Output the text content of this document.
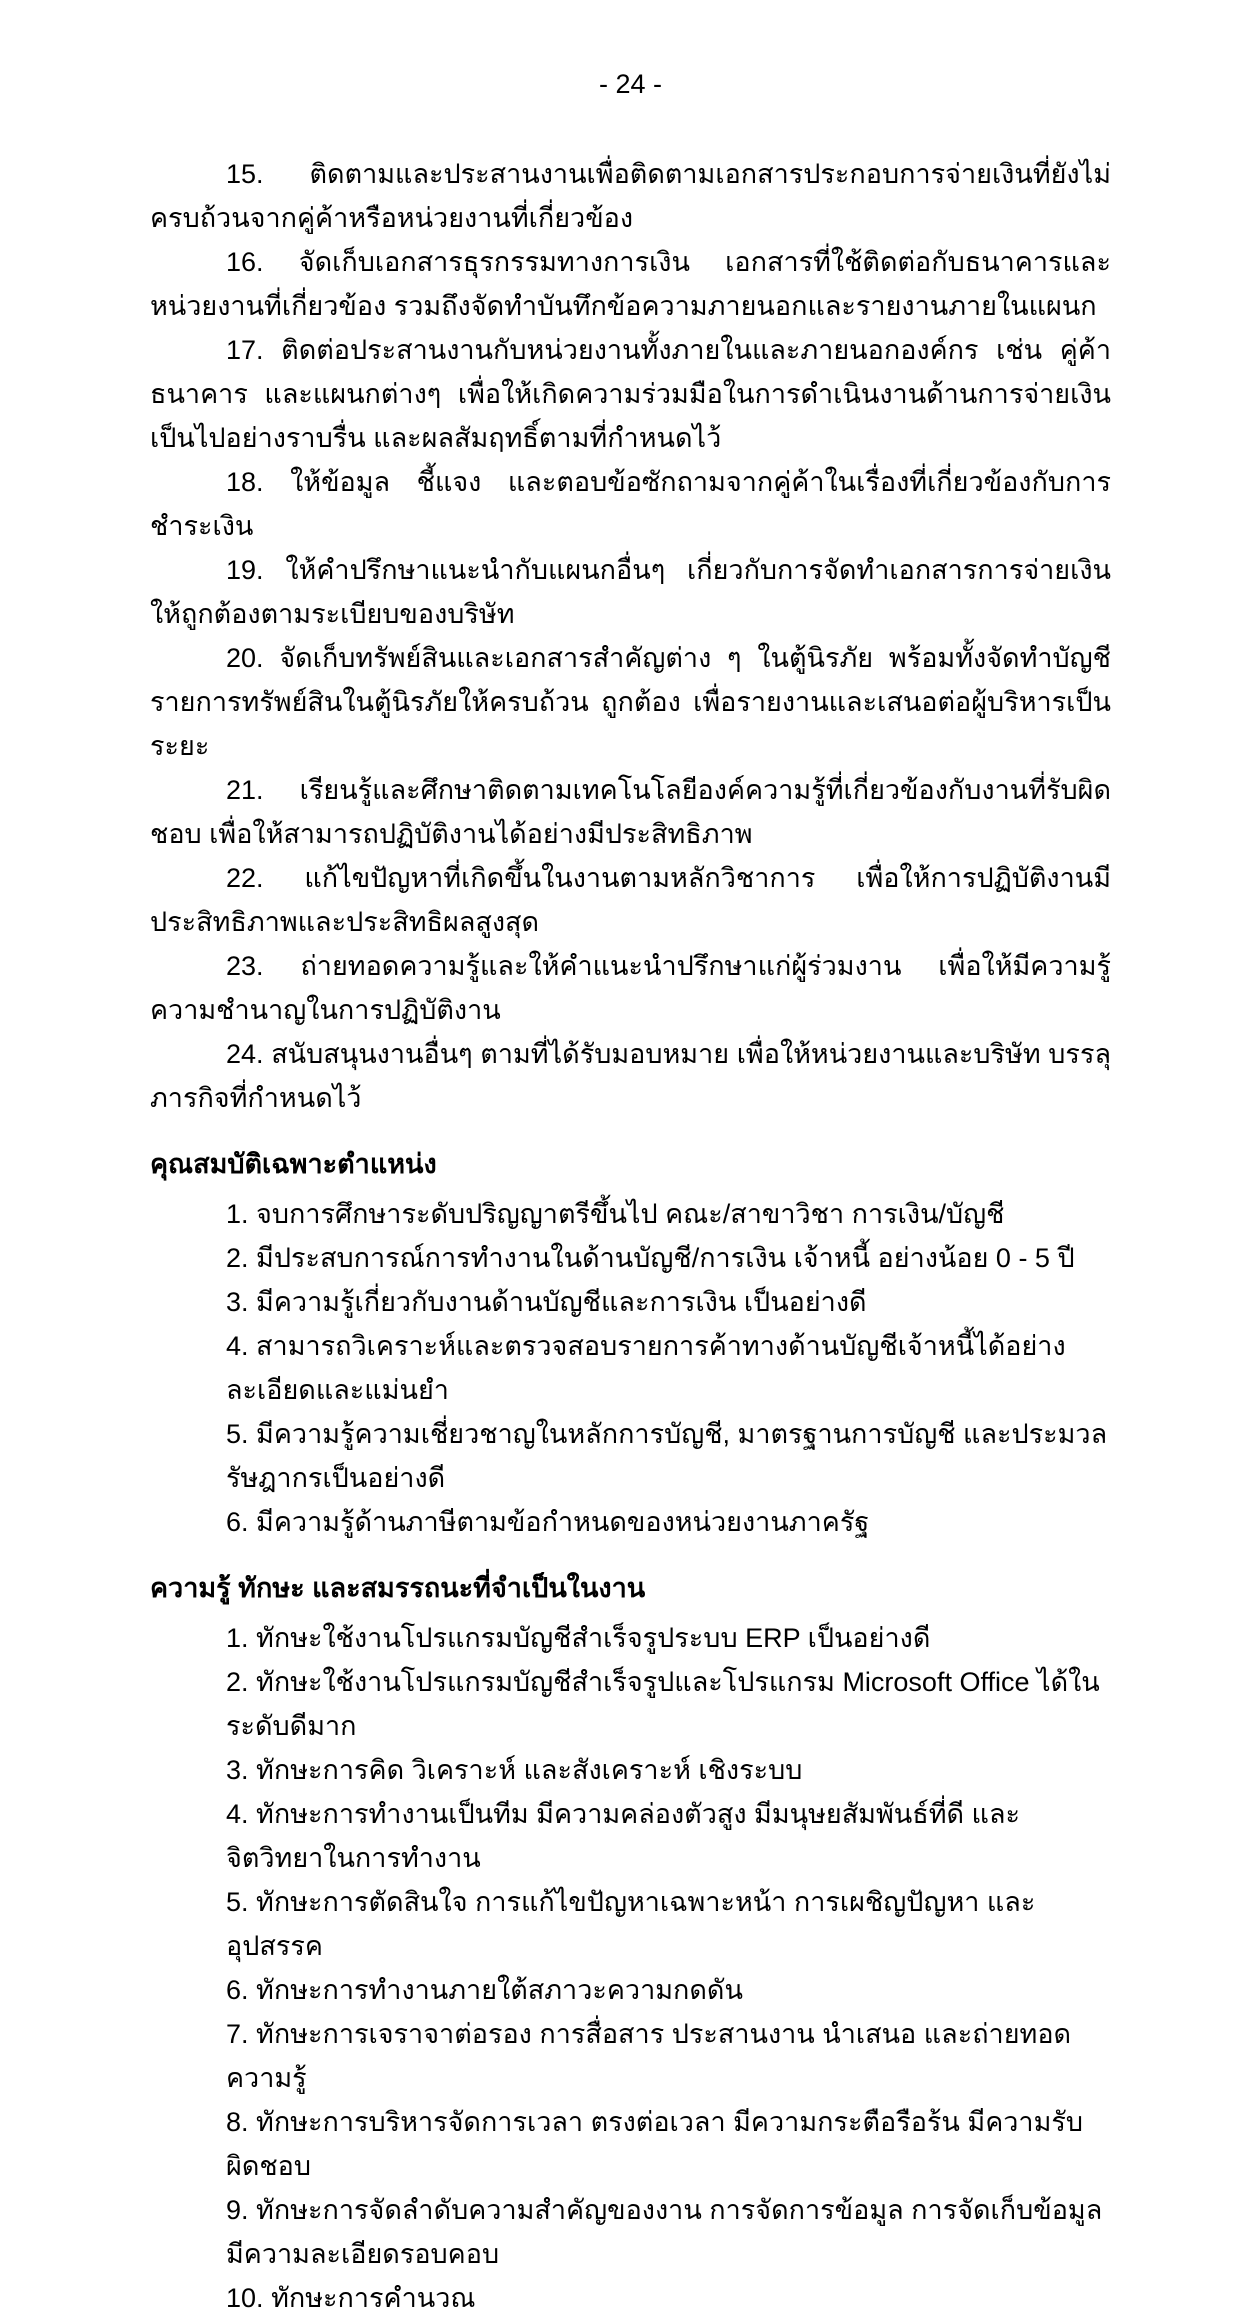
- 24 -

15. ติดตามและประสานงานเพื่อติดตามเอกสารประกอบการจ่ายเงินที่ยังไม่ครบถ้วนจากคู่ค้าหรือหน่วยงานที่เกี่ยวข้อง

16. จัดเก็บเอกสารธุรกรรมทางการเงิน เอกสารที่ใช้ติดต่อกับธนาคารและหน่วยงานที่เกี่ยวข้อง รวมถึงจัดทำบันทึกข้อความภายนอกและรายงานภายในแผนก

17. ติดต่อประสานงานกับหน่วยงานทั้งภายในและภายนอกองค์กร เช่น คู่ค้า ธนาคาร และแผนกต่างๆ เพื่อให้เกิดความร่วมมือในการดำเนินงานด้านการจ่ายเงินเป็นไปอย่างราบรื่น และผลสัมฤทธิ์ตามที่กำหนดไว้

18. ให้ข้อมูล ชี้แจง และตอบข้อซักถามจากคู่ค้าในเรื่องที่เกี่ยวข้องกับการชำระเงิน

19. ให้คำปรึกษาแนะนำกับแผนกอื่นๆ เกี่ยวกับการจัดทำเอกสารการจ่ายเงินให้ถูกต้องตามระเบียบของบริษัท

20. จัดเก็บทรัพย์สินและเอกสารสำคัญต่าง ๆ ในตู้นิรภัย พร้อมทั้งจัดทำบัญชีรายการทรัพย์สินในตู้นิรภัยให้ครบถ้วน ถูกต้อง เพื่อรายงานและเสนอต่อผู้บริหารเป็นระยะ

21. เรียนรู้และศึกษาติดตามเทคโนโลยีองค์ความรู้ที่เกี่ยวข้องกับงานที่รับผิดชอบ เพื่อให้สามารถปฏิบัติงานได้อย่างมีประสิทธิภาพ

22. แก้ไขปัญหาที่เกิดขึ้นในงานตามหลักวิชาการ เพื่อให้การปฏิบัติงานมีประสิทธิภาพและประสิทธิผลสูงสุด

23. ถ่ายทอดความรู้และให้คำแนะนำปรึกษาแก่ผู้ร่วมงาน เพื่อให้มีความรู้ความชำนาญในการปฏิบัติงาน

24. สนับสนุนงานอื่นๆ ตามที่ได้รับมอบหมาย เพื่อให้หน่วยงานและบริษัท บรรลุภารกิจที่กำหนดไว้

คุณสมบัติเฉพาะตำแหน่ง

1. จบการศึกษาระดับปริญญาตรีขึ้นไป คณะ/สาขาวิชา การเงิน/บัญชี

2. มีประสบการณ์การทำงานในด้านบัญชี/การเงิน เจ้าหนี้ อย่างน้อย 0 - 5 ปี

3. มีความรู้เกี่ยวกับงานด้านบัญชีและการเงิน เป็นอย่างดี

4. สามารถวิเคราะห์และตรวจสอบรายการค้าทางด้านบัญชีเจ้าหนี้ได้อย่างละเอียดและแม่นยำ

5. มีความรู้ความเชี่ยวชาญในหลักการบัญชี, มาตรฐานการบัญชี และประมวลรัษฎากรเป็นอย่างดี

6. มีความรู้ด้านภาษีตามข้อกำหนดของหน่วยงานภาครัฐ

ความรู้ ทักษะ และสมรรถนะที่จำเป็นในงาน

1. ทักษะใช้งานโปรแกรมบัญชีสำเร็จรูประบบ ERP เป็นอย่างดี

2. ทักษะใช้งานโปรแกรมบัญชีสำเร็จรูปและโปรแกรม Microsoft Office ได้ในระดับดีมาก

3. ทักษะการคิด วิเคราะห์ และสังเคราะห์ เชิงระบบ

4. ทักษะการทำงานเป็นทีม มีความคล่องตัวสูง มีมนุษยสัมพันธ์ที่ดี และจิตวิทยาในการทำงาน

5. ทักษะการตัดสินใจ การแก้ไขปัญหาเฉพาะหน้า การเผชิญปัญหา และอุปสรรค

6. ทักษะการทำงานภายใต้สภาวะความกดดัน

7. ทักษะการเจราจาต่อรอง การสื่อสาร ประสานงาน นำเสนอ และถ่ายทอดความรู้

8. ทักษะการบริหารจัดการเวลา ตรงต่อเวลา มีความกระตือรือร้น มีความรับผิดชอบ

9. ทักษะการจัดลำดับความสำคัญของงาน การจัดการข้อมูล การจัดเก็บข้อมูล มีความละเอียดรอบคอบ

10. ทักษะการคำนวณ
